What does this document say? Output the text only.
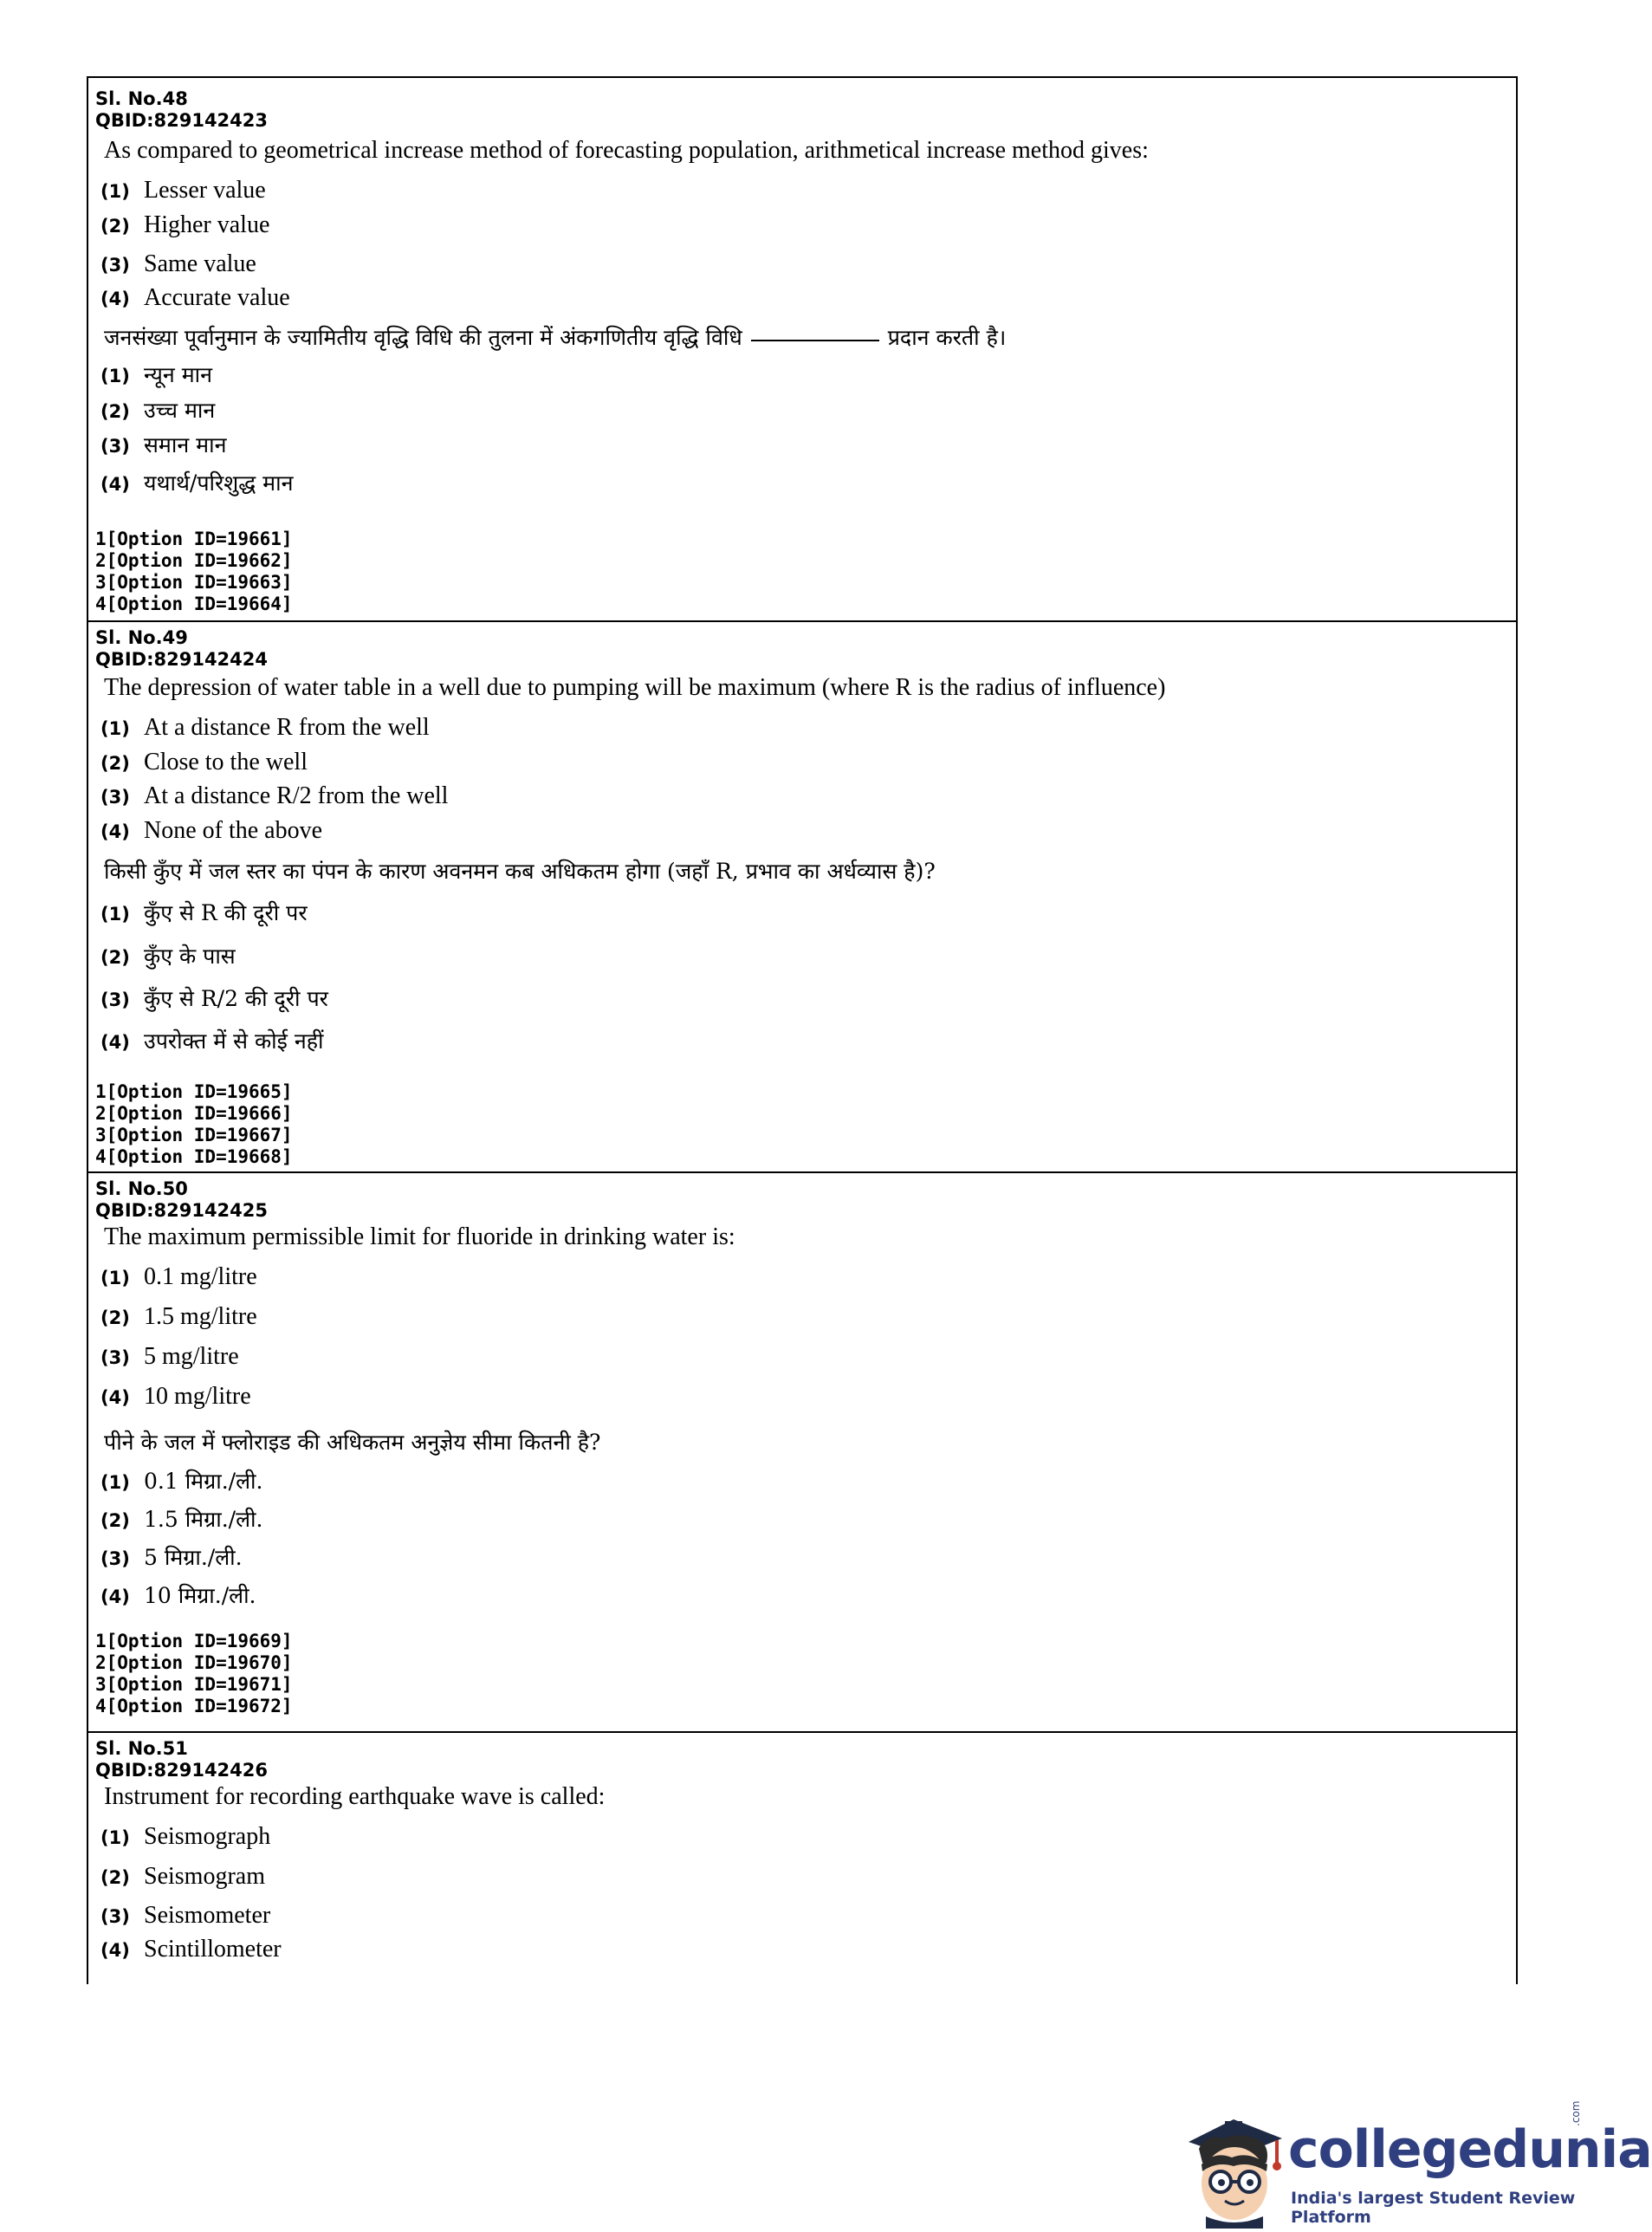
Sl. No.48
QBID:829142423
As compared to geometrical increase method of forecasting population, arithmetical increase method gives:
(1) Lesser value
(2) Higher value
(3) Same value
(4) Accurate value
जनसंख्या पूर्वानुमान के ज्यामितीय वृद्धि विधि की तुलना में अंकगणितीय वृद्धि विधि	प्रदान करती है।
(1) न्यून मान
(2) उच्च मान
(3) समान मान
(4) यथार्थ/परिशुद्ध मान
1[Option ID=19661]
2[Option ID=19662]
3[Option ID=19663]
4[Option ID=19664]
Sl. No.49
QBID:829142424
The depression of water table in a well due to pumping will be maximum (where R is the radius of influence)
(1) At a distance R from the well
(2) Close to the well
(3) At a distance R/2 from the well
(4) None of the above
किसी कुँए में जल स्तर का पंपन के कारण अवनमन कब अधिकतम होगा (जहाँ R, प्रभाव का अर्धव्यास है)?
(1) कुँए से R की दूरी पर
(2) कुँए के पास
(3) कुँए से R/2 की दूरी पर
(4) उपरोक्त में से कोई नहीं
1[Option ID=19665]
2[Option ID=19666]
3[Option ID=19667]
4[Option ID=19668]
Sl. No.50
QBID:829142425
The maximum permissible limit for fluoride in drinking water is:
(1) 0.1 mg/litre
(2) 1.5 mg/litre
(3) 5 mg/litre
(4) 10 mg/litre
पीने के जल में फ्लोराइड की अधिकतम अनुज्ञेय सीमा कितनी है?
(1) 0.1 मिग्रा./ली.
(2) 1.5 मिग्रा./ली.
(3) 5 मिग्रा./ली.
(4) 10 मिग्रा./ली.
1[Option ID=19669]
2[Option ID=19670]
3[Option ID=19671]
4[Option ID=19672]
Sl. No.51
QBID:829142426
Instrument for recording earthquake wave is called:
(1) Seismograph
(2) Seismogram
(3) Seismometer
(4) Scintillometer
collegedunia
.com
India's largest Student Review Platform
